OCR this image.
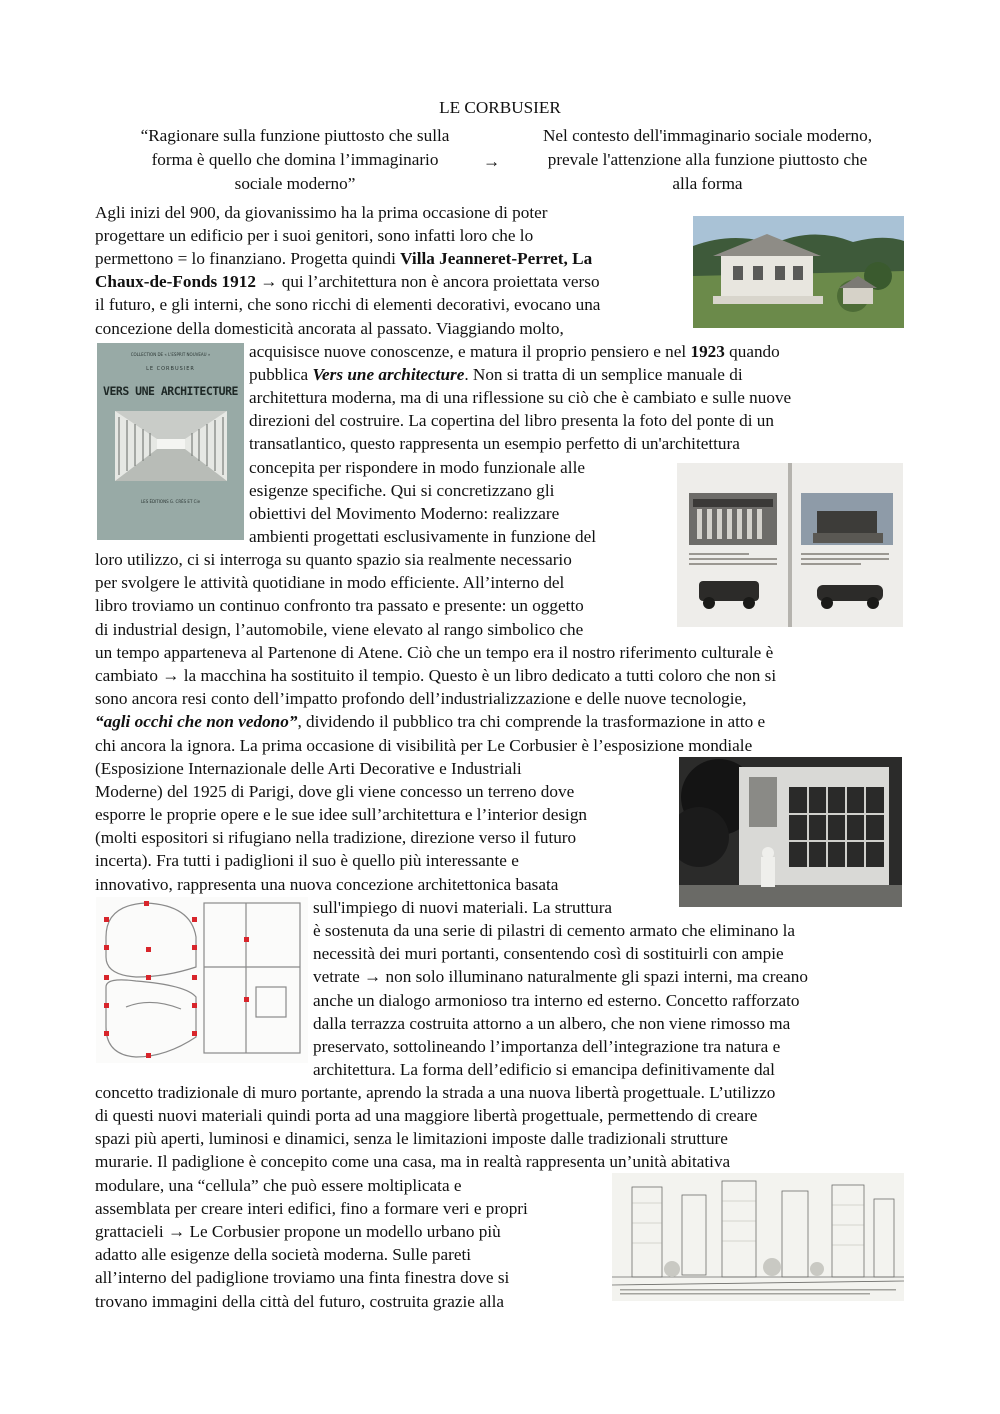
LE CORBUSIER
“Ragionare sulla funzione piuttosto che sulla
forma è quello che domina l’immaginario
sociale moderno”
→
Nel contesto dell'immaginario sociale moderno,
prevale l'attenzione alla funzione piuttosto che
alla forma
Agli inizi del 900, da giovanissimo ha la prima occasione di poter
progettare un edificio per i suoi genitori, sono infatti loro che lo
permettono = lo finanziano. Progetta quindi Villa Jeanneret-Perret, La
Chaux-de-Fonds 1912 → qui l’architettura non è ancora proiettata verso
il futuro, e gli interni, che sono ricchi di elementi decorativi, evocano una
concezione della domesticità ancorata al passato. Viaggiando molto,
acquisisce nuove conoscenze, e matura il proprio pensiero e nel 1923 quando
pubblica Vers une architecture. Non si tratta di un semplice manuale di
architettura moderna, ma di una riflessione su ciò che è cambiato e sulle nuove
direzioni del costruire. La copertina del libro presenta la foto del ponte di un
transatlantico, questo rappresenta un esempio perfetto di un'architettura
concepita per rispondere in modo funzionale alle
esigenze specifiche. Qui si concretizzano gli
obiettivi del Movimento Moderno: realizzare
ambienti progettati esclusivamente in funzione del
loro utilizzo, ci si interroga su quanto spazio sia realmente necessario
per svolgere le attività quotidiane in modo efficiente. All’interno del
libro troviamo un continuo confronto tra passato e presente: un oggetto
di industrial design, l’automobile, viene elevato al rango simbolico che
un tempo apparteneva al Partenone di Atene. Ciò che un tempo era il nostro riferimento culturale è
cambiato → la macchina ha sostituito il tempio. Questo è un libro dedicato a tutti coloro che non si
sono ancora resi conto dell’impatto profondo dell’industrializzazione e delle nuove tecnologie,
“agli occhi che non vedono”, dividendo il pubblico tra chi comprende la trasformazione in atto e
chi ancora la ignora. La prima occasione di visibilità per Le Corbusier è l’esposizione mondiale
(Esposizione Internazionale delle Arti Decorative e Industriali
Moderne) del 1925 di Parigi, dove gli viene concesso un terreno dove
esporre le proprie opere e le sue idee sull’architettura e l’interior design
(molti espositori si rifugiano nella tradizione, direzione verso il futuro
incerta). Fra tutti i padiglioni il suo è quello più interessante e
innovativo, rappresenta una nuova concezione architettonica basata
sull'impiego di nuovi materiali. La struttura
è sostenuta da una serie di pilastri di cemento armato che eliminano la
necessità dei muri portanti, consentendo così di sostituirli con ampie
vetrate → non solo illuminano naturalmente gli spazi interni, ma creano
anche un dialogo armonioso tra interno ed esterno. Concetto rafforzato
dalla terrazza costruita attorno a un albero, che non viene rimosso ma
preservato, sottolineando l’importanza dell’integrazione tra natura e
architettura. La forma dell’edificio si emancipa definitivamente dal
concetto tradizionale di muro portante, aprendo la strada a una nuova libertà progettuale. L’utilizzo
di questi nuovi materiali quindi porta ad una maggiore libertà progettuale, permettendo di creare
spazi più aperti, luminosi e dinamici, senza le limitazioni imposte dalle tradizionali strutture
murarie. Il padiglione è concepito come una casa, ma in realtà rappresenta un’unità abitativa
modulare, una “cellula” che può essere moltiplicata e
assemblata per creare interi edifici, fino a formare veri e propri
grattacieli → Le Corbusier propone un modello urbano più
adatto alle esigenze della società moderna. Sulle pareti
all’interno del padiglione troviamo una finta finestra dove si
trovano immagini della città del futuro, costruita grazie alla
COLLECTION DE « L'ESPRIT NOUVEAU »
LE CORBUSIER
VERS UNE ARCHITECTURE
LES ÉDITIONS G. CRÈS ET Cie
